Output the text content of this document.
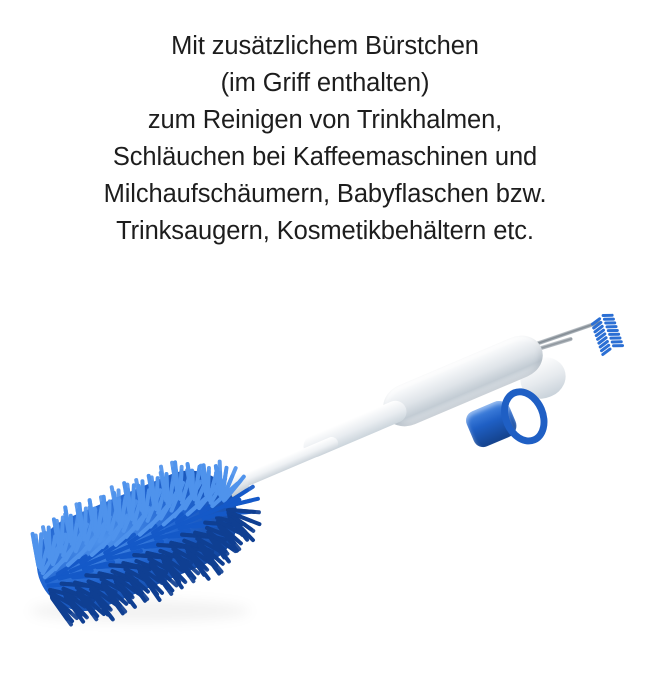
Mit zusätzlichem Bürstchen
(im Griff enthalten)
zum Reinigen von Trinkhalmen,
Schläuchen bei Kaffeemaschinen und
Milchaufschäumern, Babyflaschen bzw.
Trinksaugern, Kosmetikbehältern etc.
